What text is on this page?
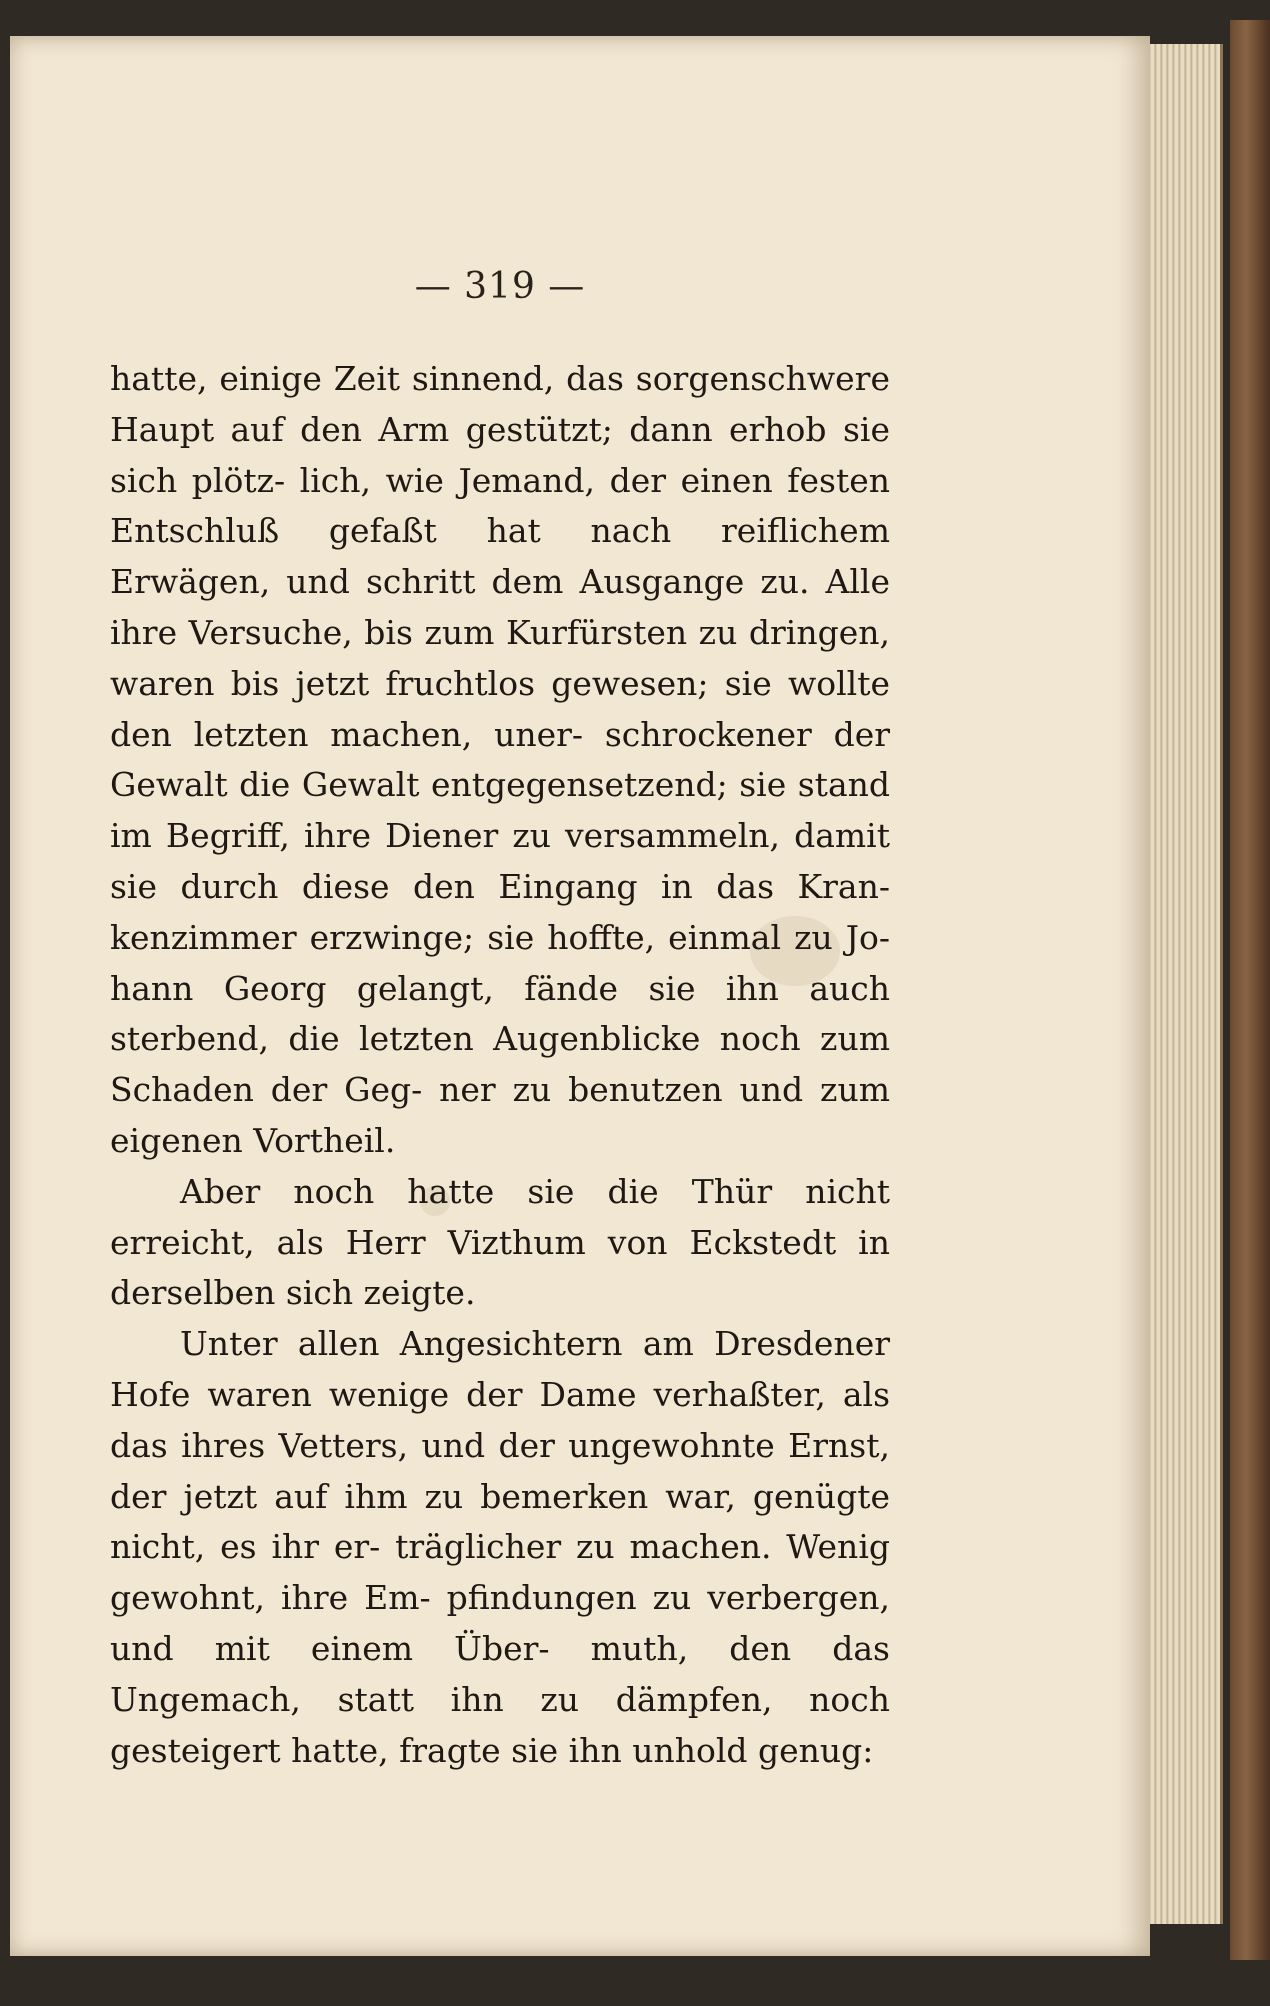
— 319 —

hatte, einige Zeit sinnend, das sorgenschwere Haupt auf den Arm gestützt; dann erhob sie sich plötz- lich, wie Jemand, der einen festen Entschluß gefaßt hat nach reiflichem Erwägen, und schritt dem Ausgange zu. Alle ihre Versuche, bis zum Kurfürsten zu dringen, waren bis jetzt fruchtlos gewesen; sie wollte den letzten machen, uner- schrockener der Gewalt die Gewalt entgegensetzend; sie stand im Begriff, ihre Diener zu versammeln, damit sie durch diese den Eingang in das Kran- kenzimmer erzwinge; sie hoffte, einmal zu Jo- hann Georg gelangt, fände sie ihn auch sterbend, die letzten Augenblicke noch zum Schaden der Geg- ner zu benutzen und zum eigenen Vortheil.

Aber noch hatte sie die Thür nicht erreicht, als Herr Vizthum von Eckstedt in derselben sich zeigte.

Unter allen Angesichtern am Dresdener Hofe waren wenige der Dame verhaßter, als das ihres Vetters, und der ungewohnte Ernst, der jetzt auf ihm zu bemerken war, genügte nicht, es ihr er- träglicher zu machen. Wenig gewohnt, ihre Em- pfindungen zu verbergen, und mit einem Über- muth, den das Ungemach, statt ihn zu dämpfen, noch gesteigert hatte, fragte sie ihn unhold genug:
